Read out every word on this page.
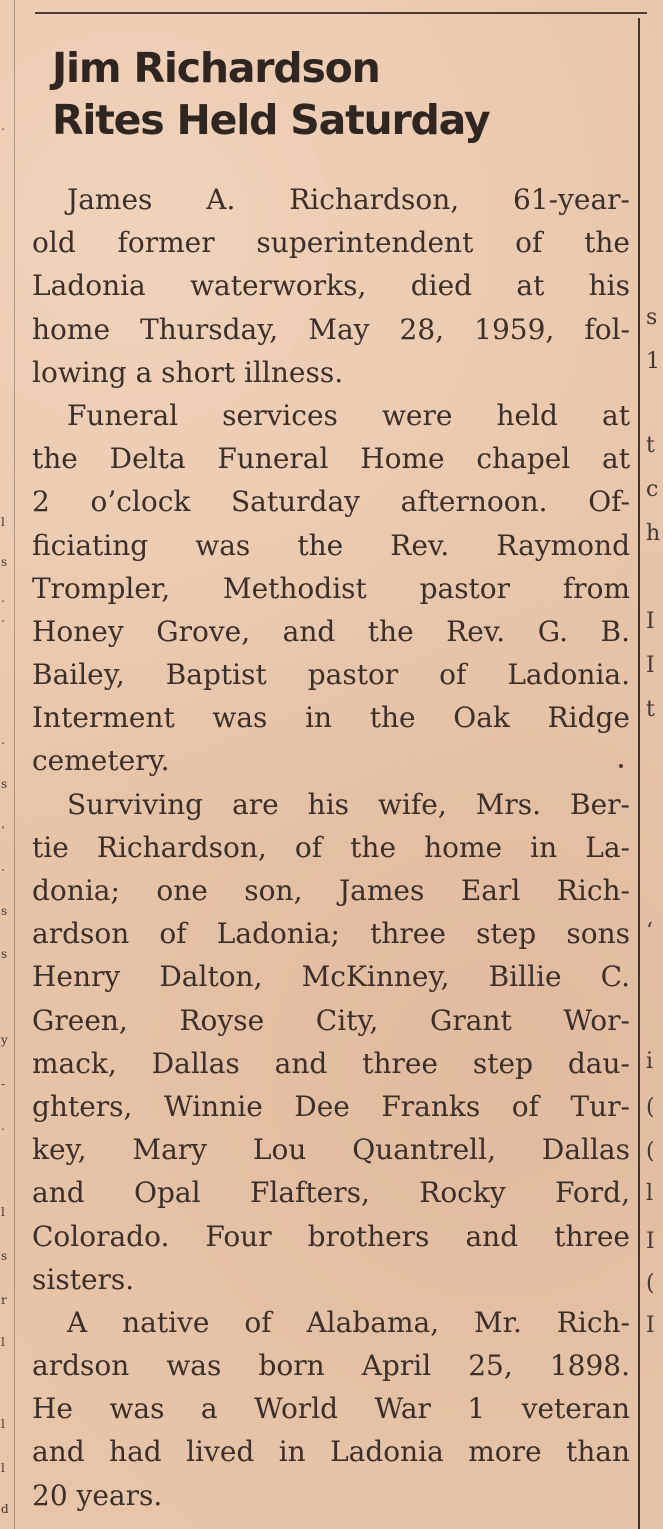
.
l
s
.
.
.
s
’
.
s
s
y
-
.
l
s
r
l
l
l
d
s
1
t
c
h
I
I
t
‘
i
(
(
l
I
(
I
Jim Richardson
Rites Held Saturday

James A. Richardson, 61-year-
old former superintendent of the
Ladonia waterworks, died at his
home Thursday, May 28, 1959, fol-
lowing a short illness.

Funeral services were held at
the Delta Funeral Home chapel at
2 o’clock Saturday afternoon. Of-
ficiating was the Rev. Raymond
Trompler, Methodist pastor from
Honey Grove, and the Rev. G. B.
Bailey, Baptist pastor of Ladonia.
Interment was in the Oak Ridge
cemetery.

Surviving are his wife, Mrs. Ber-
tie Richardson, of the home in La-
donia; one son, James Earl Rich-
ardson of Ladonia; three step sons
Henry Dalton, McKinney, Billie C.
Green, Royse City, Grant Wor-
mack, Dallas and three step dau-
ghters, Winnie Dee Franks of Tur-
key, Mary Lou Quantrell, Dallas
and Opal Flafters, Rocky Ford,
Colorado. Four brothers and three
sisters.

A native of Alabama, Mr. Rich-
ardson was born April 25, 1898.
He was a World War 1 veteran
and had lived in Ladonia more than
20 years.
